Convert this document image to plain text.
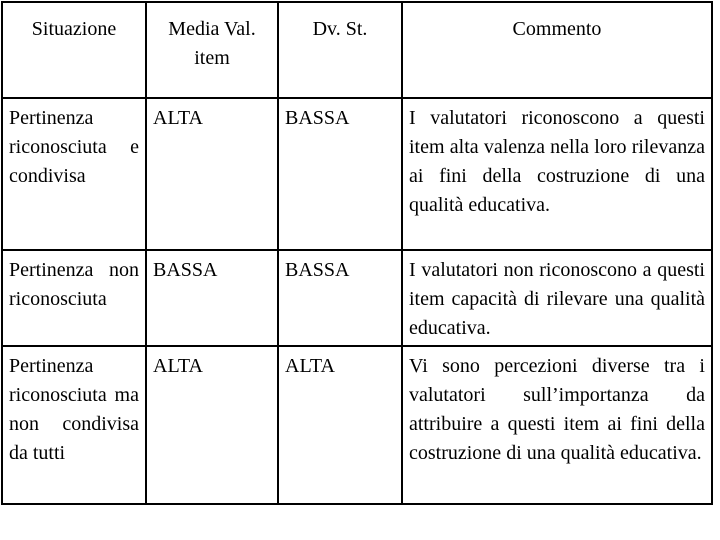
Situazione	Media Val. item	Dv. St.	Commento
Pertinenza riconosciuta e condivisa	ALTA	BASSA	I valutatori riconoscono a questi item alta valenza nella loro rilevanza ai fini della costruzione di una qualità educativa.
Pertinenza non riconosciuta	BASSA	BASSA	I valutatori non riconoscono a questi item capacità di rilevare una qualità educativa.
Pertinenza riconosciuta ma non condivisa da tutti	ALTA	ALTA	Vi sono percezioni diverse tra i valutatori sull’importanza da attribuire a questi item ai fini della costruzione di una qualità educativa.
